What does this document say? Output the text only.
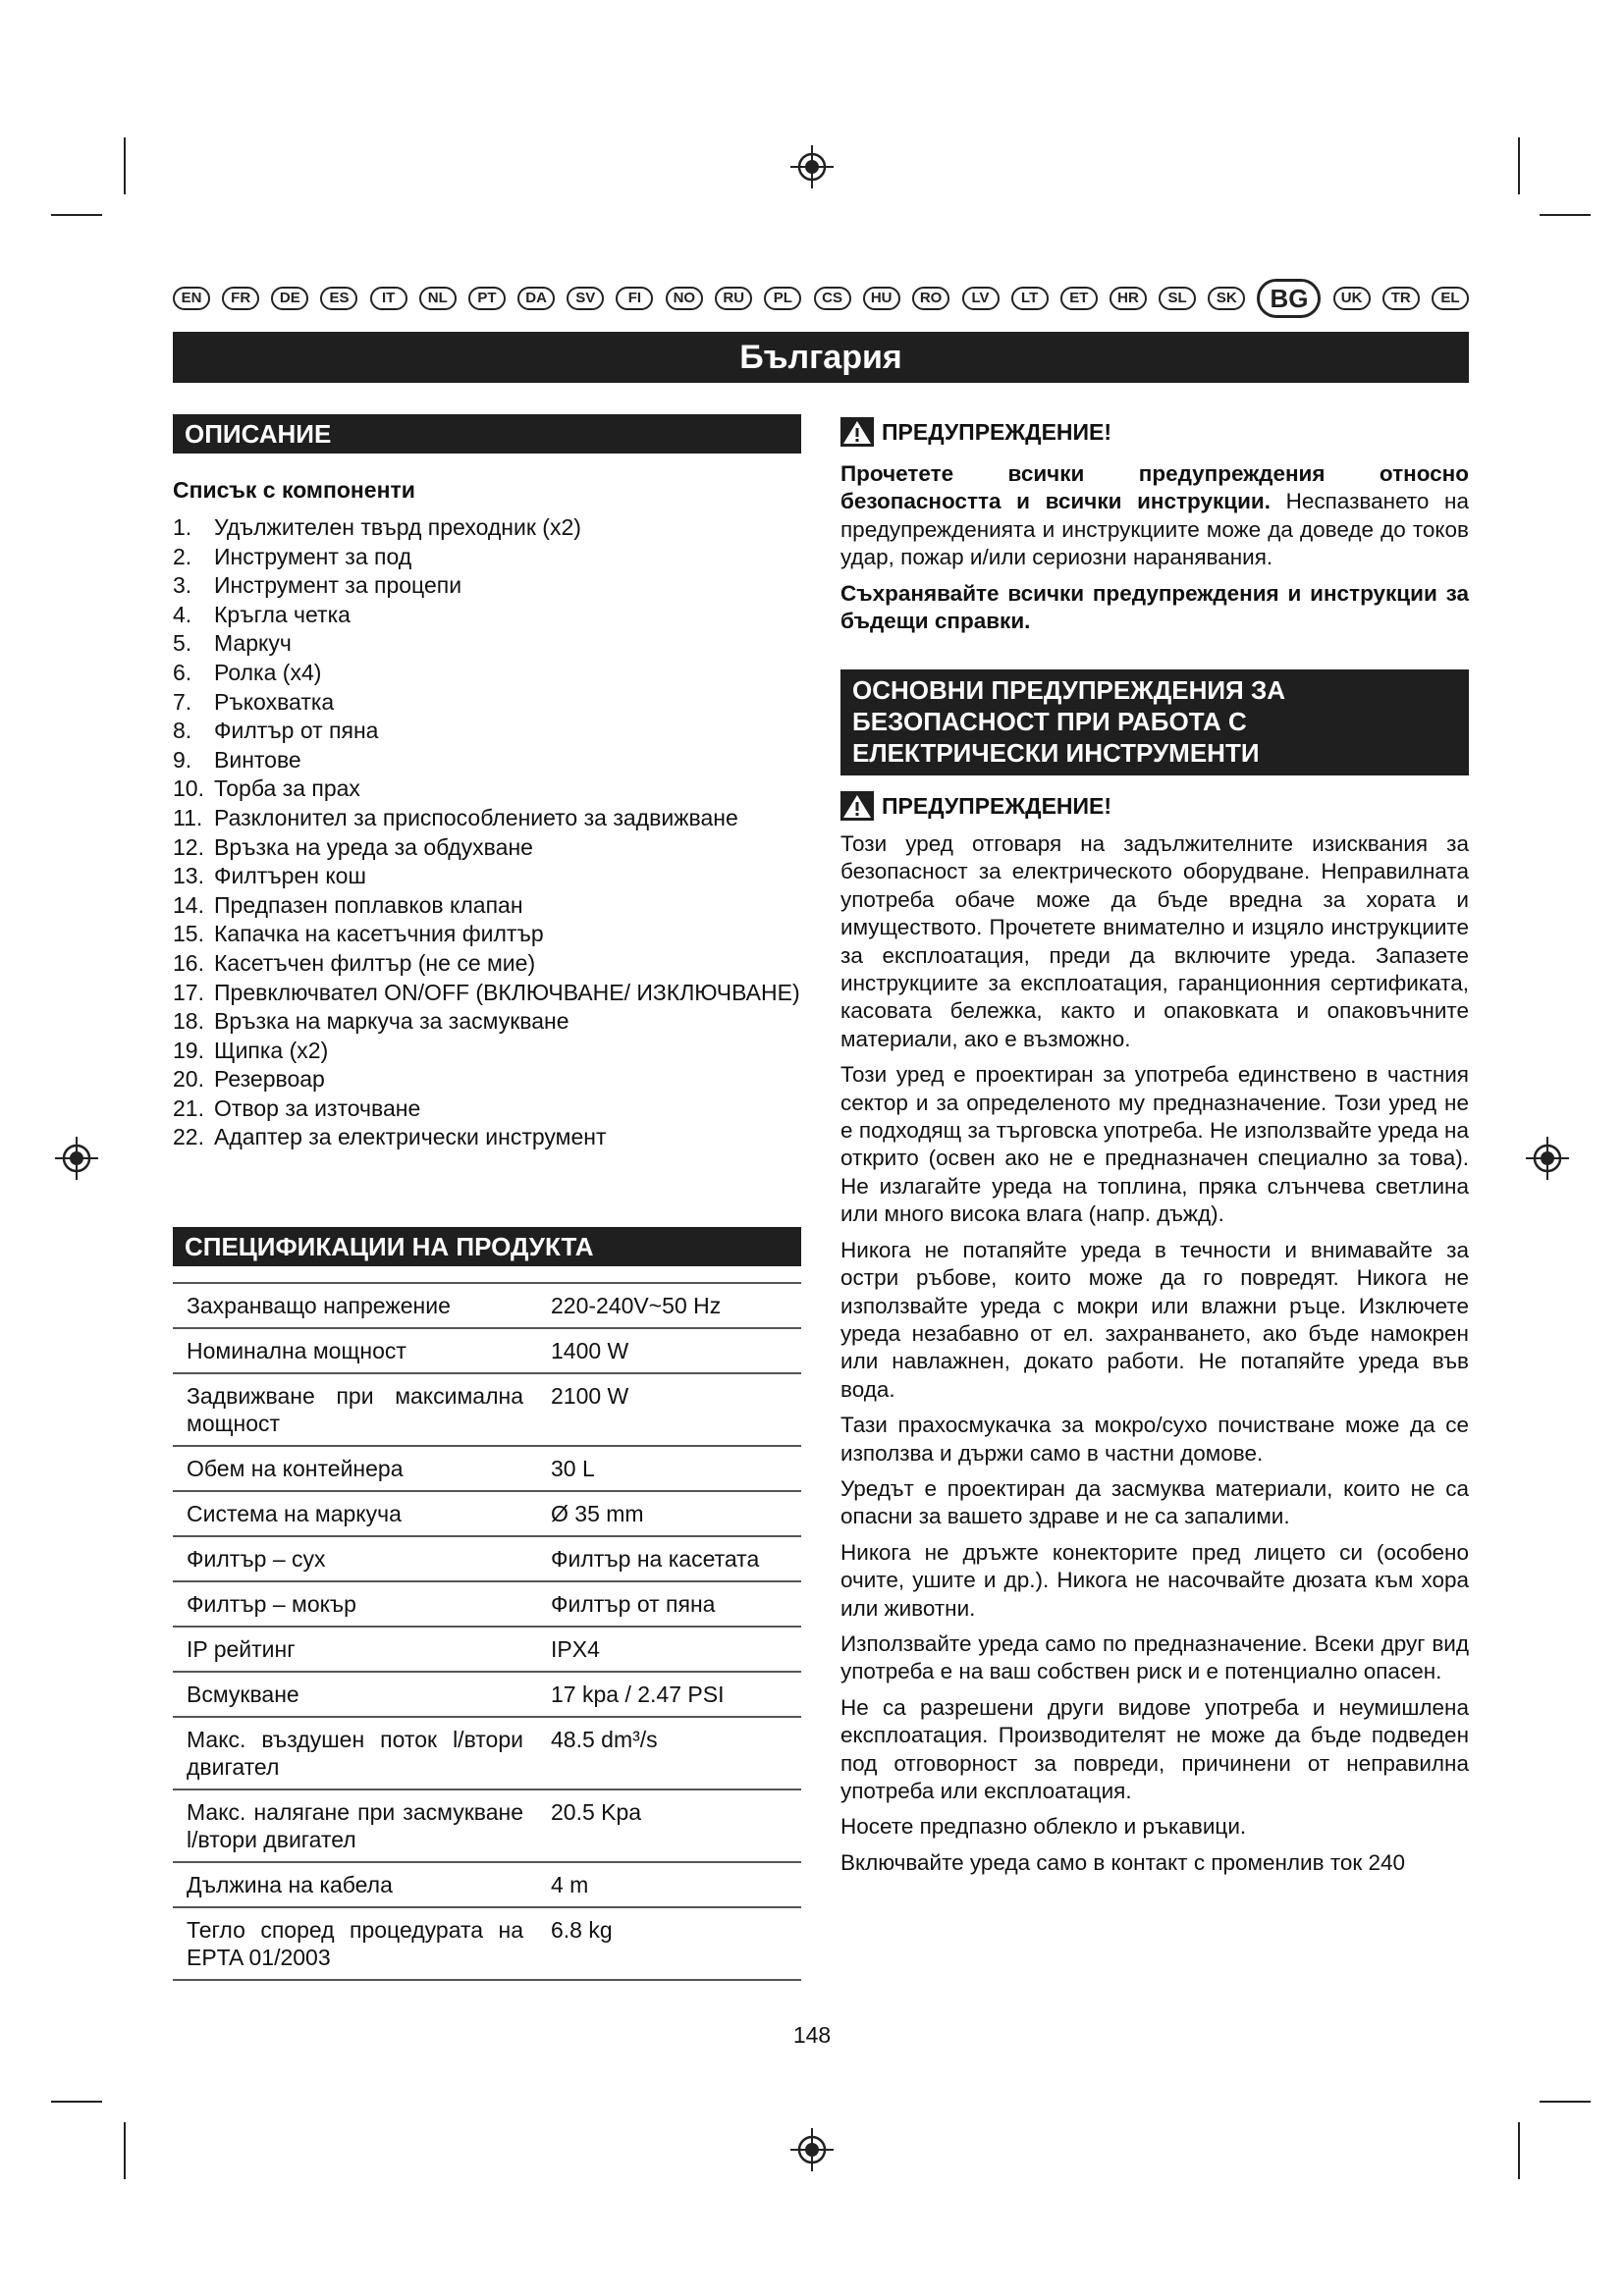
EN	FR	DE	ES	IT	NL	PT	DA	SV	FI	NO	RU	PL	CS	HU	RO	LV	LT	ET	HR	SL	SK	BG	UK	TR	EL
България
ОПИСАНИЕ
Списък с компоненти
1. Удължителен твърд преходник (x2)
2. Инструмент за под
3. Инструмент за процепи
4. Кръгла четка
5. Маркуч
6. Ролка (x4)
7. Ръкохватка
8. Филтър от пяна
9. Винтове
10. Торба за прах
11. Разклонител за приспособлението за задвижване
12. Връзка на уреда за обдухване
13. Филтърен кош
14. Предпазен поплавков клапан
15. Капачка на касетъчния филтър
16. Касетъчен филтър (не се мие)
17. Превключвател ON/OFF (ВКЛЮЧВАНЕ/ ИЗКЛЮЧВАНЕ)
18. Връзка на маркуча за засмукване
19. Щипка (x2)
20. Резервоар
21. Отвор за източване
22. Адаптер за електрически инструмент
СПЕЦИФИКАЦИИ НА ПРОДУКТА
Захранващо напрежение	220-240V~50 Hz
Номинална мощност	1400 W
Задвижване при максимална мощност	2100 W
Обем на контейнера	30 L
Система на маркуча	Ø 35 mm
Филтър – сух	Филтър на касетата
Филтър – мокър	Филтър от пяна
IP рейтинг	IPX4
Всмукване	17 kpa / 2.47 PSI
Макс. въздушен поток l/втори двигател	48.5 dm³/s
Макс. налягане при засмукване l/втори двигател	20.5 Kpa
Дължина на кабела	4 m
Тегло според процедурата на EPTA 01/2003	6.8 kg
ПРЕДУПРЕЖДЕНИЕ!

Прочетете всички предупреждения относно безопасността и всички инструкции. Неспазването на предупрежденията и инструкциите може да доведе до токов удар, пожар и/или сериозни наранявания.

Съхранявайте всички предупреждения и инструкции за бъдещи справки.

ОСНОВНИ ПРЕДУПРЕЖДЕНИЯ ЗА
БЕЗОПАСНОСТ ПРИ РАБОТА С
ЕЛЕКТРИЧЕСКИ ИНСТРУМЕНТИ
ПРЕДУПРЕЖДЕНИЕ!

Този уред отговаря на задължителните изисквания за безопасност за електрическото оборудване. Неправилната употреба обаче може да бъде вредна за хората и имуществото. Прочетете внимателно и изцяло инструкциите за експлоатация, преди да включите уреда. Запазете инструкциите за експлоатация, гаранционния сертификата, касовата бележка, както и опаковката и опаковъчните материали, ако е възможно.

Този уред е проектиран за употреба единствено в частния сектор и за определеното му предназначение. Този уред не е подходящ за търговска употреба. Не използвайте уреда на открито (освен ако не е предназначен специално за това). Не излагайте уреда на топлина, пряка слънчева светлина или много висока влага (напр. дъжд).

Никога не потапяйте уреда в течности и внимавайте за остри ръбове, които може да го повредят. Никога не използвайте уреда с мокри или влажни ръце. Изключете уреда незабавно от ел. захранването, ако бъде намокрен или навлажнен, докато работи. Не потапяйте уреда във вода.

Тази прахосмукачка за мокро/сухо почистване може да се използва и държи само в частни домове.

Уредът е проектиран да засмуква материали, които не са опасни за вашето здраве и не са запалими.

Никога не дръжте конекторите пред лицето си (особено очите, ушите и др.). Никога не насочвайте дюзата към хора или животни.

Използвайте уреда само по предназначение. Всеки друг вид употреба е на ваш собствен риск и е потенциално опасен.

Не са разрешени други видове употреба и неумишлена експлоатация. Производителят не може да бъде подведен под отговорност за повреди, причинени от неправилна употреба или експлоатация.

Носете предпазно облекло и ръкавици.

Включвайте уреда само в контакт с променлив ток 240

148
